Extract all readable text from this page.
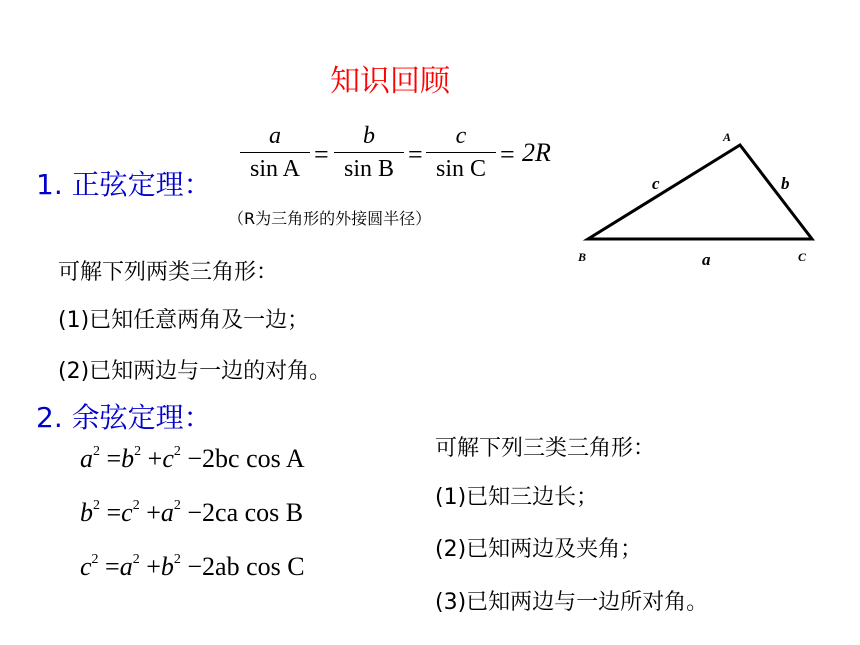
知识回顾
1. 正弦定理：
a
sin A =
b
sin B =
c
sin C = 2R
（R为三角形的外接圆半径）
可解下列两类三角形：
(1)已知任意两角及一边；
(2)已知两边与一边的对角。
A
B	C
c	b
a
2. 余弦定理：
$a^2 =b^2 +c^2 -2bc$ cos A
$b^2 =c^2 +a^2 -2ca$ cos B
$c^2 =a^2 +b^2 -2ab$ cos C
可解下列三类三角形：
(1)已知三边长；
(2)已知两边及夹角；
(3)已知两边与一边所对角。
